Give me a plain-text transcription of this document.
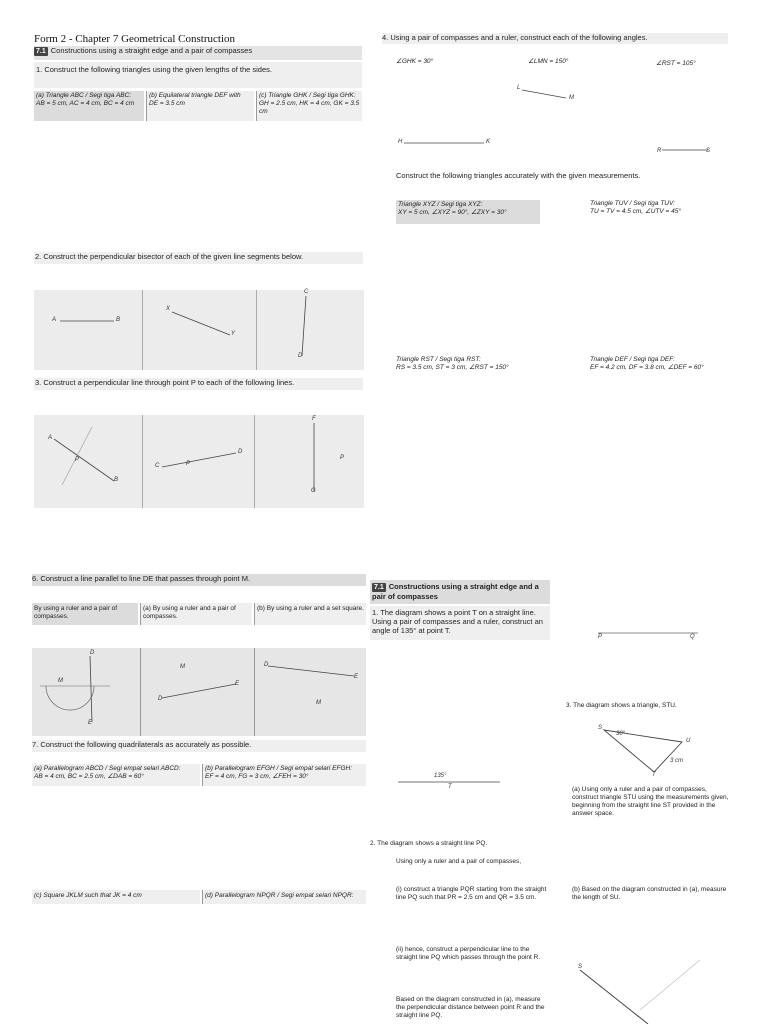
Form 2 - Chapter 7 Geometrical Construction
7.1 Constructions using a straight edge and a pair of compasses
1. Construct the following triangles using the given lengths of the sides.
(a) Triangle ABC / Segi tiga ABC:
AB = 5 cm, AC = 4 cm, BC = 4 cm
(b) Equilateral triangle DEF with
DE = 3.5 cm
(c) Triangle GHK / Segi tiga GHK:
GH = 2.5 cm, HK = 4 cm, GK = 3.5 cm
2. Construct the perpendicular bisector of each of the given line segments below.
A	B
X
Y
C
D
3. Construct a perpendicular line through point P to each of the following lines.
A
P
B
C	P
D
F
P
G
4. Using a pair of compasses and a ruler, construct each of the following angles.
∠GHK = 30°	∠LMN = 150°	∠RST = 105°
L
M
H	K
R	S
Construct the following triangles accurately with the given measurements.
Triangle XYZ / Segi tiga XYZ:
XY = 5 cm, ∠XYZ = 90°, ∠ZXY = 30°
Triangle TUV / Segi tiga TUV:
TU = TV = 4.5 cm, ∠UTV = 45°
Triangle RST / Segi tiga RST:
RS = 3.5 cm, ST = 3 cm, ∠RST = 150°
Triangle DEF / Segi tiga DEF:
EF = 4.2 cm, DF = 3.8 cm, ∠DEF = 60°
6. Construct a line parallel to line DE that passes through point M.
By using a ruler and a pair of compasses.
(a) By using a ruler and a pair of compasses.
(b) By using a ruler and a set square.
D
M
E
M
E
D
D
E
M
7. Construct the following quadrilaterals as accurately as possible.
(a) Parallelogram ABCD / Segi empat selari ABCD:
AB = 4 cm, BC = 2.5 cm, ∠DAB = 60°
(b) Parallelogram EFGH / Segi empat selari EFGH:
EF = 4 cm, FG = 3 cm, ∠FEH = 30°
(c) Square JKLM such that JK = 4 cm	(d) Parallelogram NPQR / Segi empat selari NPQR:
7.1 Constructions using a straight edge and a pair of compasses
1. The diagram shows a point T on a straight line. Using a pair of compasses and a ruler, construct an angle of 135° at point T.
P	Q
135°
T
3. The diagram shows a triangle, STU.
S
30°
U
3 cm
T
(a) Using only a ruler and a pair of compasses, construct triangle STU using the measurements given, beginning from the straight line ST provided in the answer space.
(b) Based on the diagram constructed in (a), measure the length of SU.
2. The diagram shows a straight line PQ.
Using only a ruler and a pair of compasses,
(i) construct a triangle PQR starting from the straight line PQ such that PR = 2.5 cm and QR = 3.5 cm.
(ii) hence, construct a perpendicular line to the straight line PQ which passes through the point R.
Based on the diagram constructed in (a), measure the perpendicular distance between point R and the straight line PQ.
S
